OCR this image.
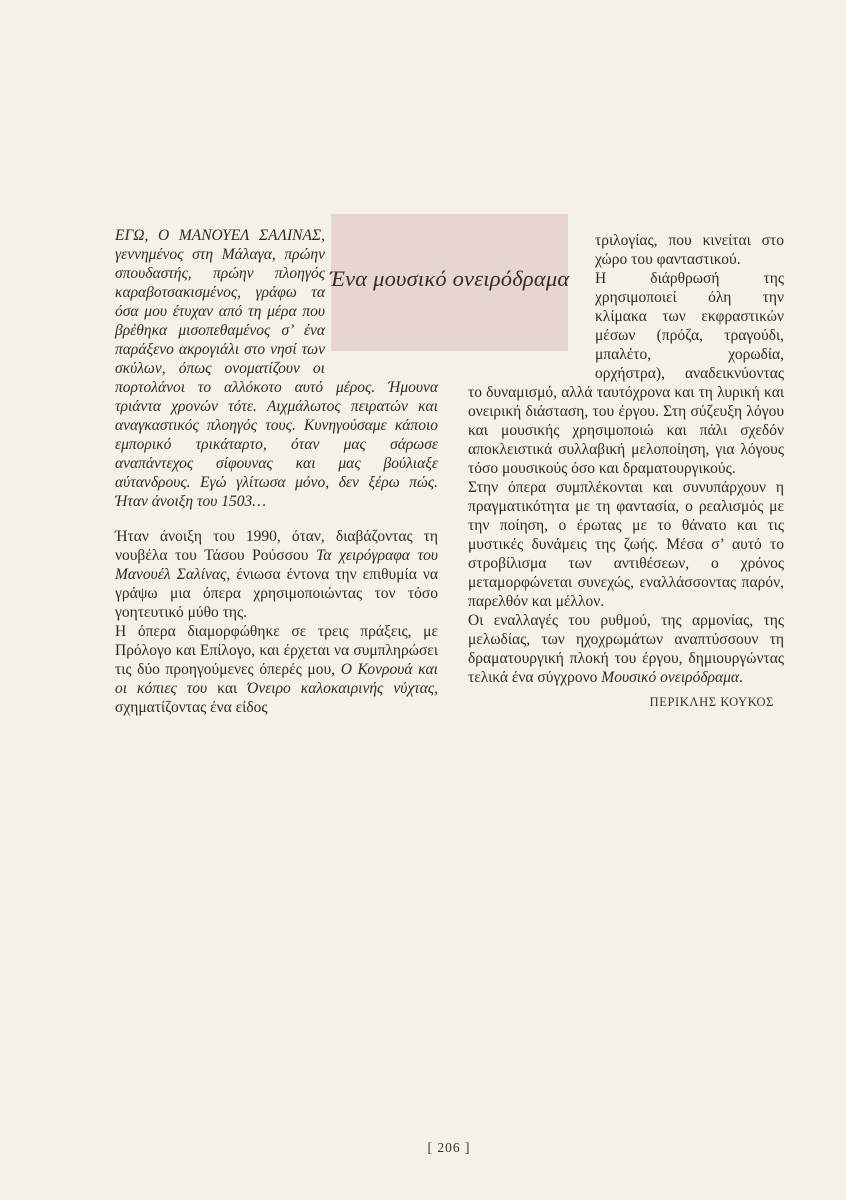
Ένα μουσικό ονειρόδραμα

ΕΓΩ, Ο ΜΑΝΟΥΕΛ ΣΑΛΙΝΑΣ, γεννημένος στη Μάλαγα, πρώην σπουδαστής, πρώην πλοηγός καραβοτσακισμένος, γράφω τα όσα μου έτυχαν από τη μέρα που βρέθηκα μισοπεθαμένος σ’ ένα παράξενο ακρογιάλι στο νησί των σκύλων, όπως ονοματίζουν οι πορτολάνοι το αλλόκοτο αυτό μέρος. Ήμουνα τριάντα χρονών τότε. Αιχμάλωτος πειρατών και αναγκαστικός πλοηγός τους. Κυνηγούσαμε κάποιο εμπορικό τρικάταρτο, όταν μας σάρωσε αναπάντεχος σίφουνας και μας βούλιαξε αύτανδρους. Εγώ γλίτωσα μόνο, δεν ξέρω πώς. Ήταν άνοιξη του 1503…

Ήταν άνοιξη του 1990, όταν, διαβάζοντας τη νουβέλα του Τάσου Ρούσσου Τα χειρόγραφα του Μανουέλ Σαλίνας, ένιωσα έντονα την επιθυμία να γράψω μια όπερα χρησιμοποιώντας τον τόσο γοητευτικό μύθο της.

Η όπερα διαμορφώθηκε σε τρεις πράξεις, με Πρόλογο και Επίλογο, και έρχεται να συμπληρώσει τις δύο προηγούμενες όπερές μου, Ο Κονρουά και οι κόπιες του και Όνειρο καλοκαιρινής νύχτας, σχηματίζοντας ένα είδος

τριλογίας, που κινείται στο χώρο του φανταστικού.

Η διάρθρωσή της χρησιμοποιεί όλη την κλίμακα των εκφραστικών μέσων (πρόζα, τραγούδι, μπαλέτο, χορωδία, ορχήστρα), αναδεικνύοντας το δυναμισμό, αλλά ταυτόχρονα και τη λυρική και ονειρική διάσταση, του έργου. Στη σύζευξη λόγου και μουσικής χρησιμοποιώ και πάλι σχεδόν αποκλειστικά συλλαβική μελοποίηση, για λόγους τόσο μουσικούς όσο και δραματουργικούς.

Στην όπερα συμπλέκονται και συνυπάρχουν η πραγματικότητα με τη φαντασία, ο ρεαλισμός με την ποίηση, ο έρωτας με το θάνατο και τις μυστικές δυνάμεις της ζωής. Μέσα σ’ αυτό το στροβίλισμα των αντιθέσεων, ο χρόνος μεταμορφώνεται συνεχώς, εναλλάσσοντας παρόν, παρελθόν και μέλλον.

Οι εναλλαγές του ρυθμού, της αρμονίας, της μελωδίας, των ηχοχρωμάτων αναπτύσσουν τη δραματουργική πλοκή του έργου, δημιουργώντας τελικά ένα σύγχρονο Μουσικό ονειρόδραμα.

ΠΕΡΙΚΛΗΣ ΚΟΥΚΟΣ
[ 206 ]
